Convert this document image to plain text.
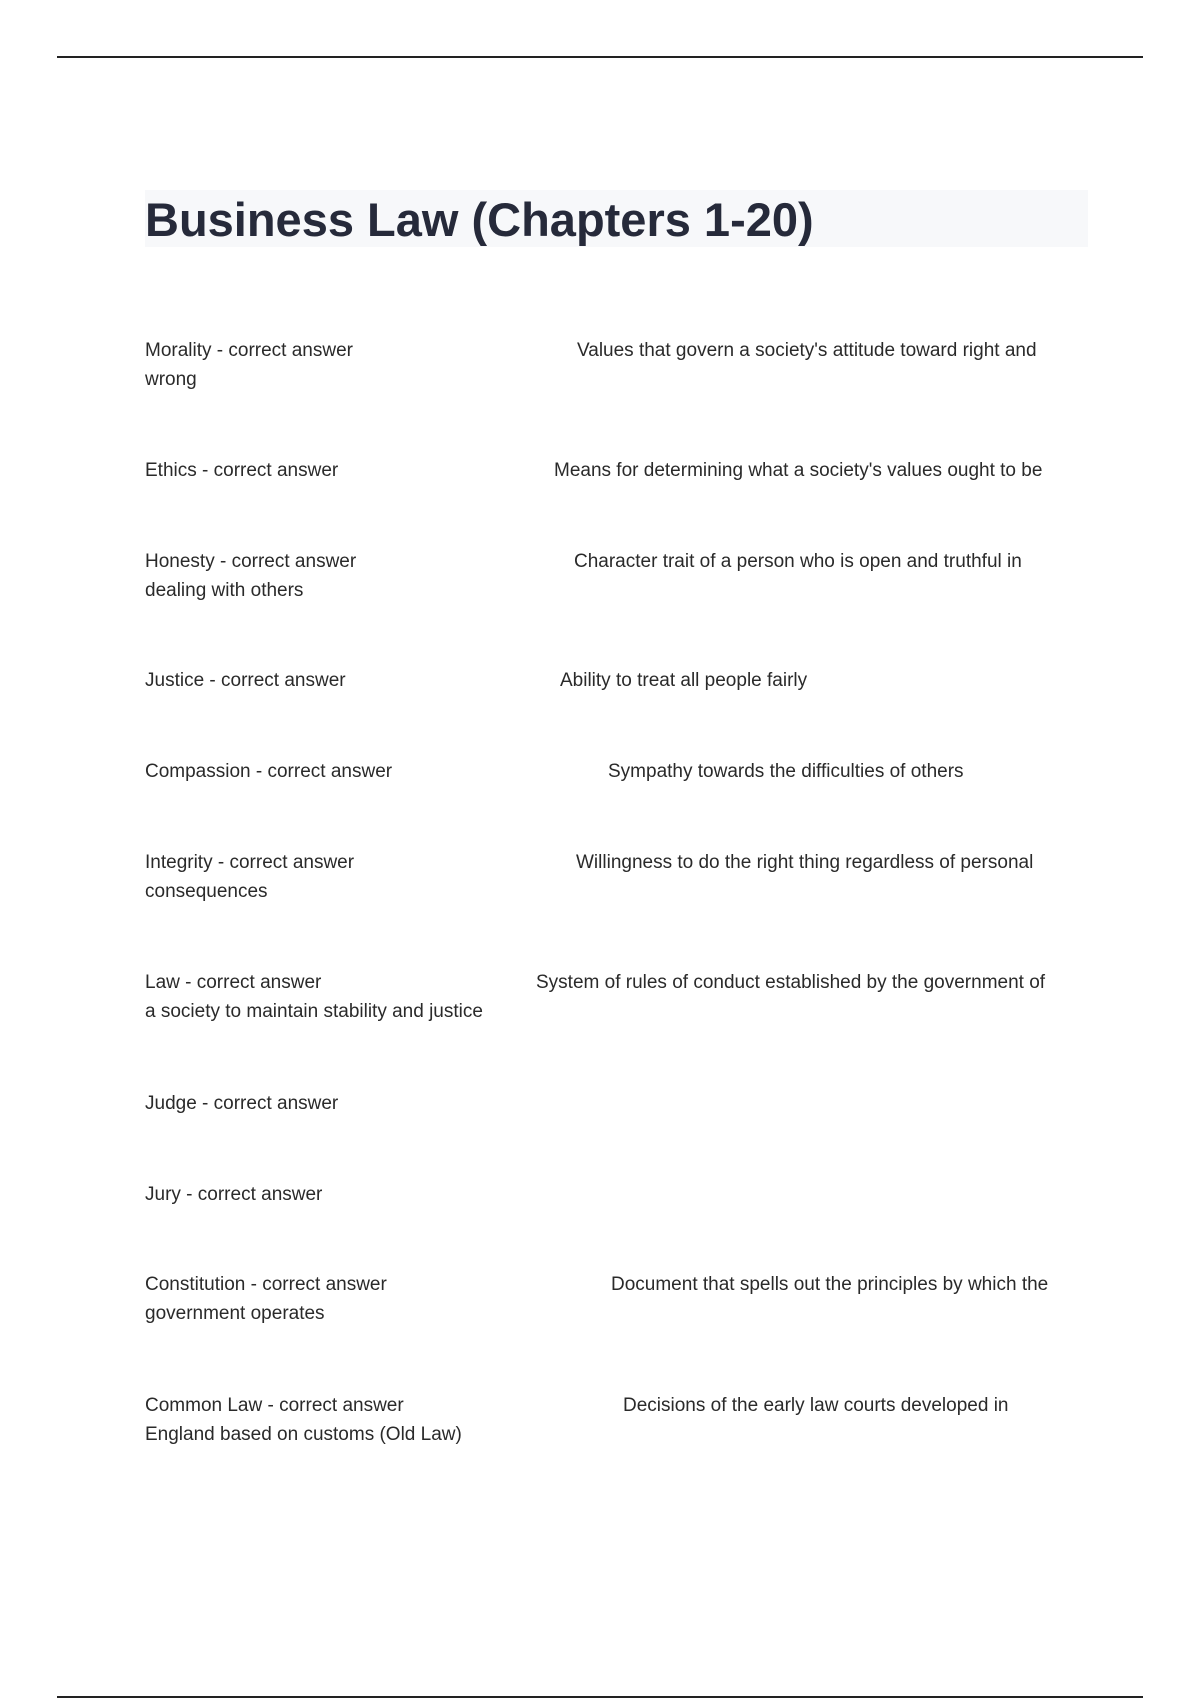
Business Law (Chapters 1-20)
Morality - correct answer	Values that govern a society's attitude toward right and
wrong
Ethics - correct answer	Means for determining what a society's values ought to be
Honesty - correct answer	Character trait of a person who is open and truthful in
dealing with others
Justice - correct answer	Ability to treat all people fairly
Compassion - correct answer	Sympathy towards the difficulties of others
Integrity - correct answer	Willingness to do the right thing regardless of personal
consequences
Law - correct answer	System of rules of conduct established by the government of
a society to maintain stability and justice
Judge - correct answer
Jury - correct answer
Constitution - correct answer	Document that spells out the principles by which the
government operates
Common Law - correct answer	Decisions of the early law courts developed in
England based on customs (Old Law)
